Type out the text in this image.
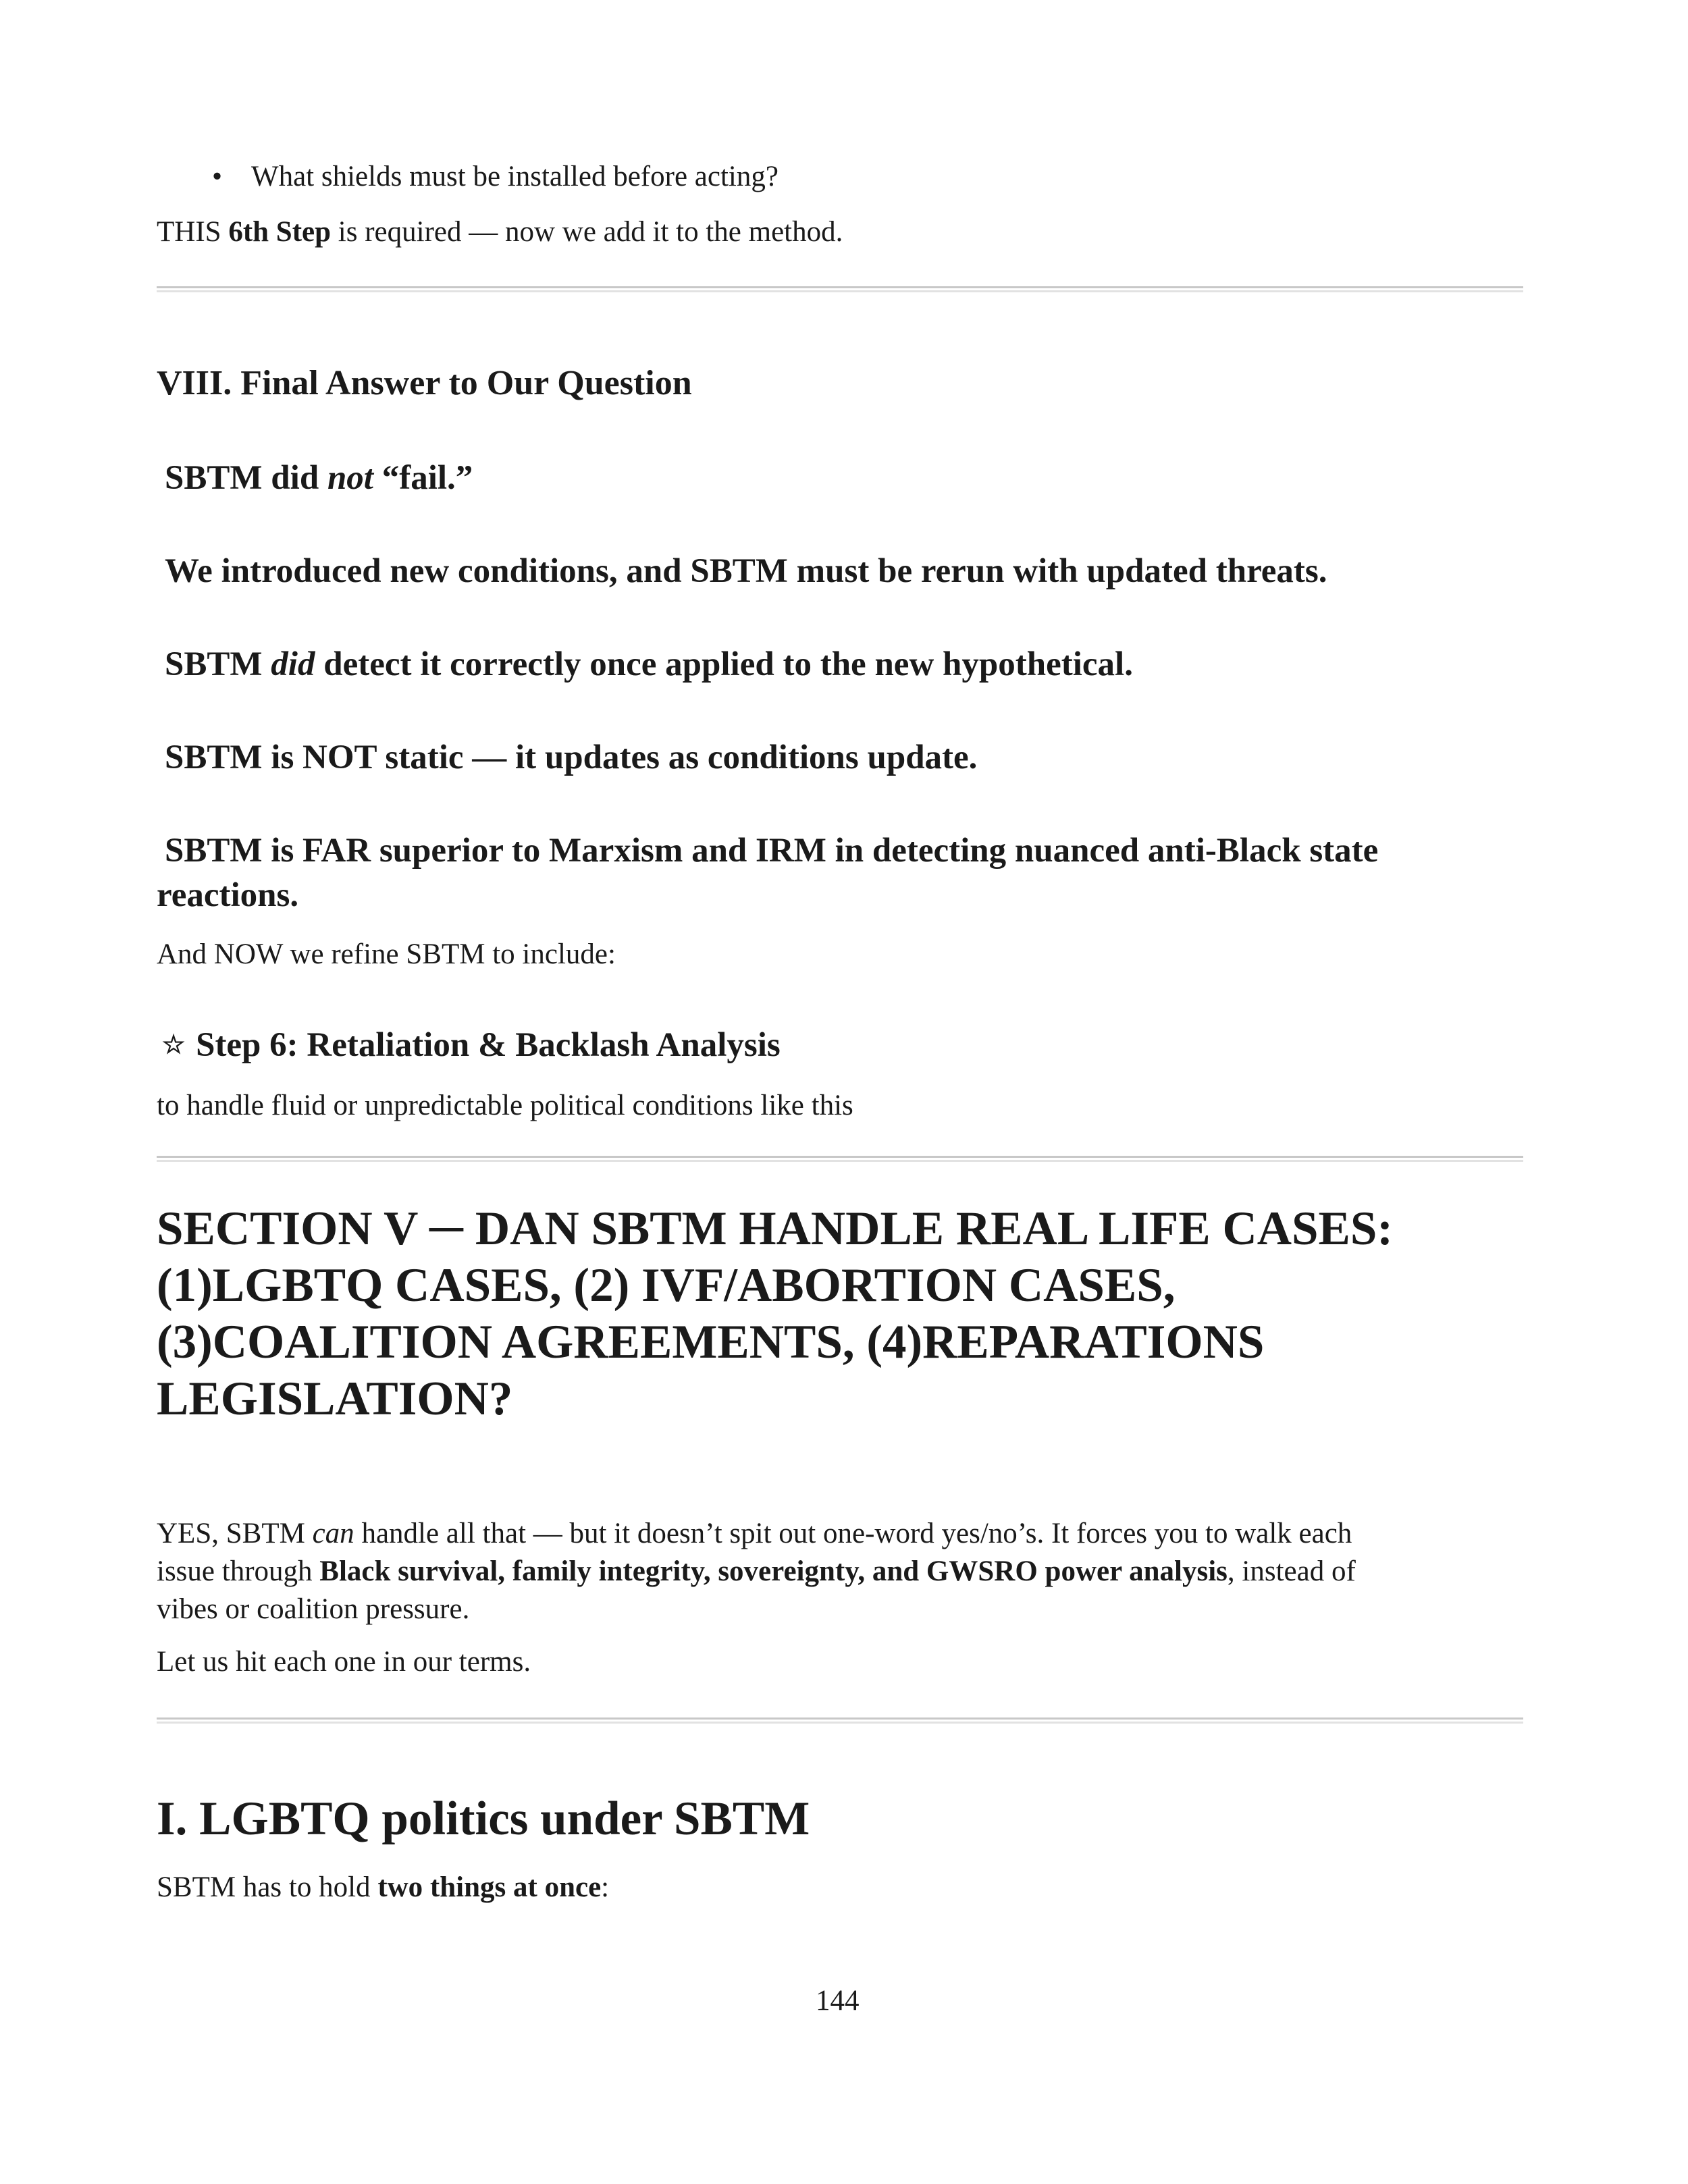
• What shields must be installed before acting?

THIS 6th Step is required — now we add it to the method.

VIII. Final Answer to Our Question

SBTM did not “fail.”

We introduced new conditions, and SBTM must be rerun with updated threats.

SBTM did detect it correctly once applied to the new hypothetical.

SBTM is NOT static — it updates as conditions update.

SBTM is FAR superior to Marxism and IRM in detecting nuanced anti-Black state

reactions.

And NOW we refine SBTM to include:

☆ Step 6: Retaliation & Backlash Analysis

to handle fluid or unpredictable political conditions like this

SECTION V ─ DAN SBTM HANDLE REAL LIFE CASES:
(1)LGBTQ CASES, (2) IVF/ABORTION CASES,
(3)COALITION AGREEMENTS, (4)REPARATIONS
LEGISLATION?
YES, SBTM can handle all that — but it doesn’t spit out one-word yes/no’s. It forces you to walk each
issue through Black survival, family integrity, sovereignty, and GWSRO power analysis, instead of
vibes or coalition pressure.

Let us hit each one in our terms.

I. LGBTQ politics under SBTM

SBTM has to hold two things at once:

144
